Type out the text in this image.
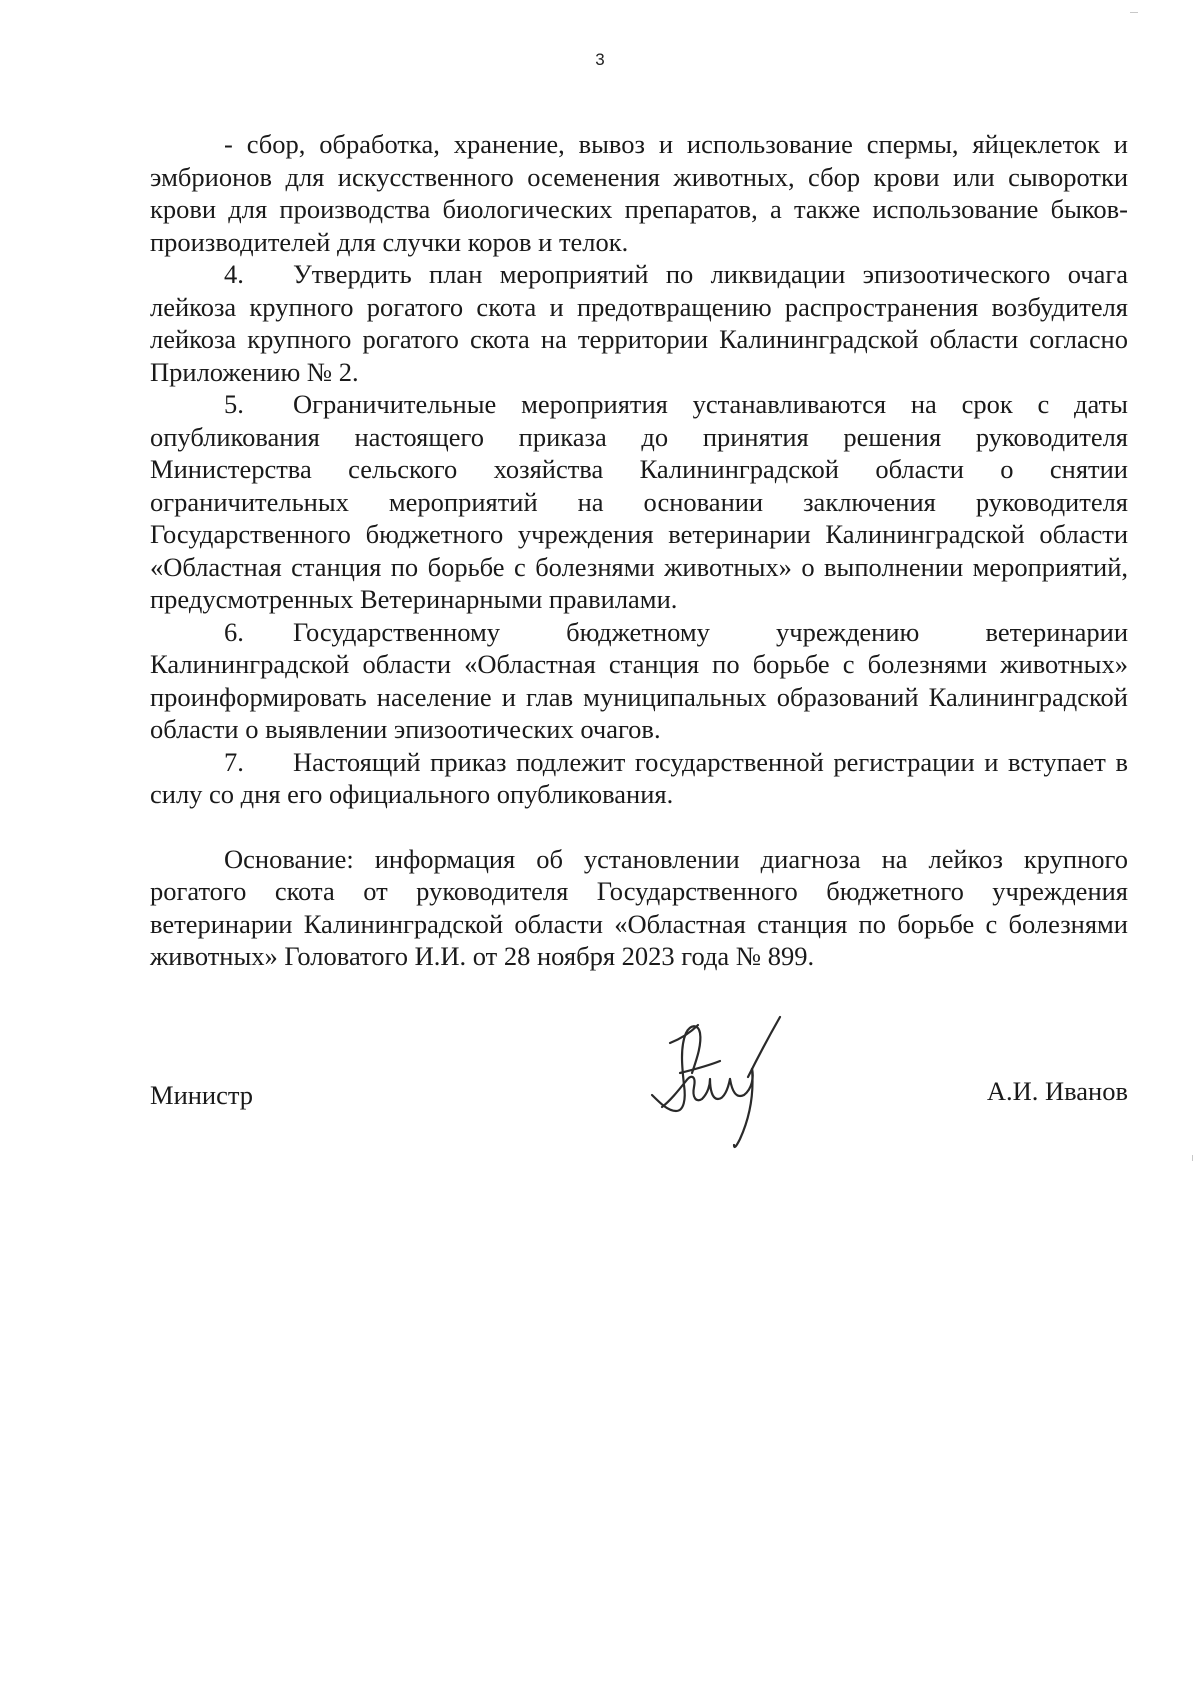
3

- сбор, обработка, хранение, вывоз и использование спермы, яйцеклеток и эмбрионов для искусственного осеменения животных, сбор крови или сыворотки крови для производства биологических препаратов, а также использование быков-производителей для случки коров и телок.

4. Утвердить план мероприятий по ликвидации эпизоотического очага лейкоза крупного рогатого скота и предотвращению распространения возбудителя лейкоза крупного рогатого скота на территории Калининградской области согласно Приложению № 2.

5. Ограничительные мероприятия устанавливаются на срок с даты опубликования настоящего приказа до принятия решения руководителя Министерства сельского хозяйства Калининградской области о снятии ограничительных мероприятий на основании заключения руководителя Государственного бюджетного учреждения ветеринарии Калининградской области «Областная станция по борьбе с болезнями животных» о выполнении мероприятий, предусмотренных Ветеринарными правилами.

6. Государственному бюджетному учреждению ветеринарии Калининградской области «Областная станция по борьбе с болезнями животных» проинформировать население и глав муниципальных образований Калининградской области о выявлении эпизоотических очагов.

7. Настоящий приказ подлежит государственной регистрации и вступает в силу со дня его официального опубликования.

Основание: информация об установлении диагноза на лейкоз крупного рогатого скота от руководителя Государственного бюджетного учреждения ветеринарии Калининградской области «Областная станция по борьбе с болезнями животных» Головатого И.И. от 28 ноября 2023 года № 899.

Министр	А.И. Иванов
